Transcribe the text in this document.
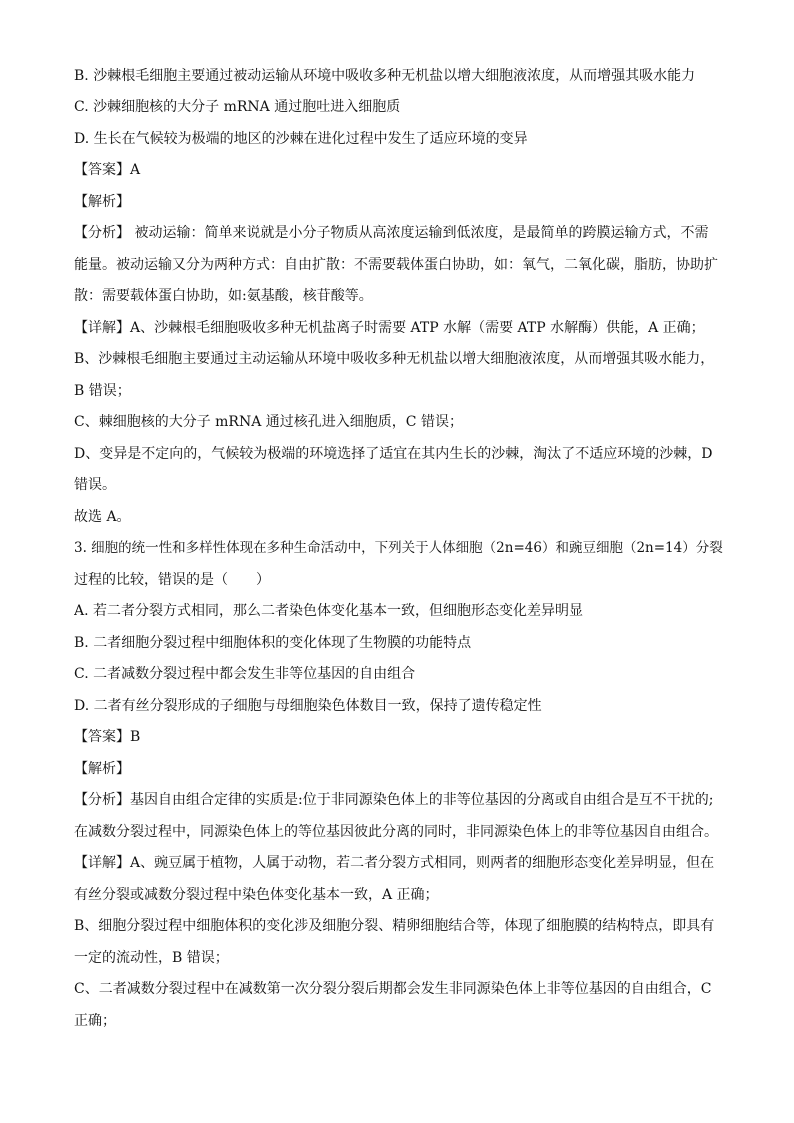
B. 沙棘根毛细胞主要通过被动运输从环境中吸收多种无机盐以增大细胞液浓度，从而增强其吸水能力
C. 沙棘细胞核的大分子 mRNA 通过胞吐进入细胞质
D. 生长在气候较为极端的地区的沙棘在进化过程中发生了适应环境的变异
【答案】A
【解析】
【分析】 被动运输：简单来说就是小分子物质从高浓度运输到低浓度，是最简单的跨膜运输方式，不需
能量。被动运输又分为两种方式：自由扩散：不需要载体蛋白协助，如：氧气，二氧化碳，脂肪，协助扩
散：需要载体蛋白协助，如:氨基酸，核苷酸等。
【详解】A、沙棘根毛细胞吸收多种无机盐离子时需要 ATP 水解（需要 ATP 水解酶）供能，A 正确；
B、沙棘根毛细胞主要通过主动运输从环境中吸收多种无机盐以增大细胞液浓度，从而增强其吸水能力，
B 错误；
C、棘细胞核的大分子 mRNA 通过核孔进入细胞质，C 错误；
D、变异是不定向的，气候较为极端的环境选择了适宜在其内生长的沙棘，淘汰了不适应环境的沙棘，D
错误。
故选 A。
3. 细胞的统一性和多样性体现在多种生命活动中，下列关于人体细胞（2n=46）和豌豆细胞（2n=14）分裂
过程的比较，错误的是（　　）
A. 若二者分裂方式相同，那么二者染色体变化基本一致，但细胞形态变化差异明显
B. 二者细胞分裂过程中细胞体积的变化体现了生物膜的功能特点
C. 二者减数分裂过程中都会发生非等位基因的自由组合
D. 二者有丝分裂形成的子细胞与母细胞染色体数目一致，保持了遗传稳定性
【答案】B
【解析】
【分析】基因自由组合定律的实质是:位于非同源染色体上的非等位基因的分离或自由组合是互不干扰的;
在减数分裂过程中，同源染色体上的等位基因彼此分离的同时，非同源染色体上的非等位基因自由组合。
【详解】A、豌豆属于植物，人属于动物，若二者分裂方式相同，则两者的细胞形态变化差异明显，但在
有丝分裂或减数分裂过程中染色体变化基本一致，A 正确；
B、细胞分裂过程中细胞体积的变化涉及细胞分裂、精卵细胞结合等，体现了细胞膜的结构特点，即具有
一定的流动性，B 错误；
C、二者减数分裂过程中在减数第一次分裂分裂后期都会发生非同源染色体上非等位基因的自由组合，C
正确；
